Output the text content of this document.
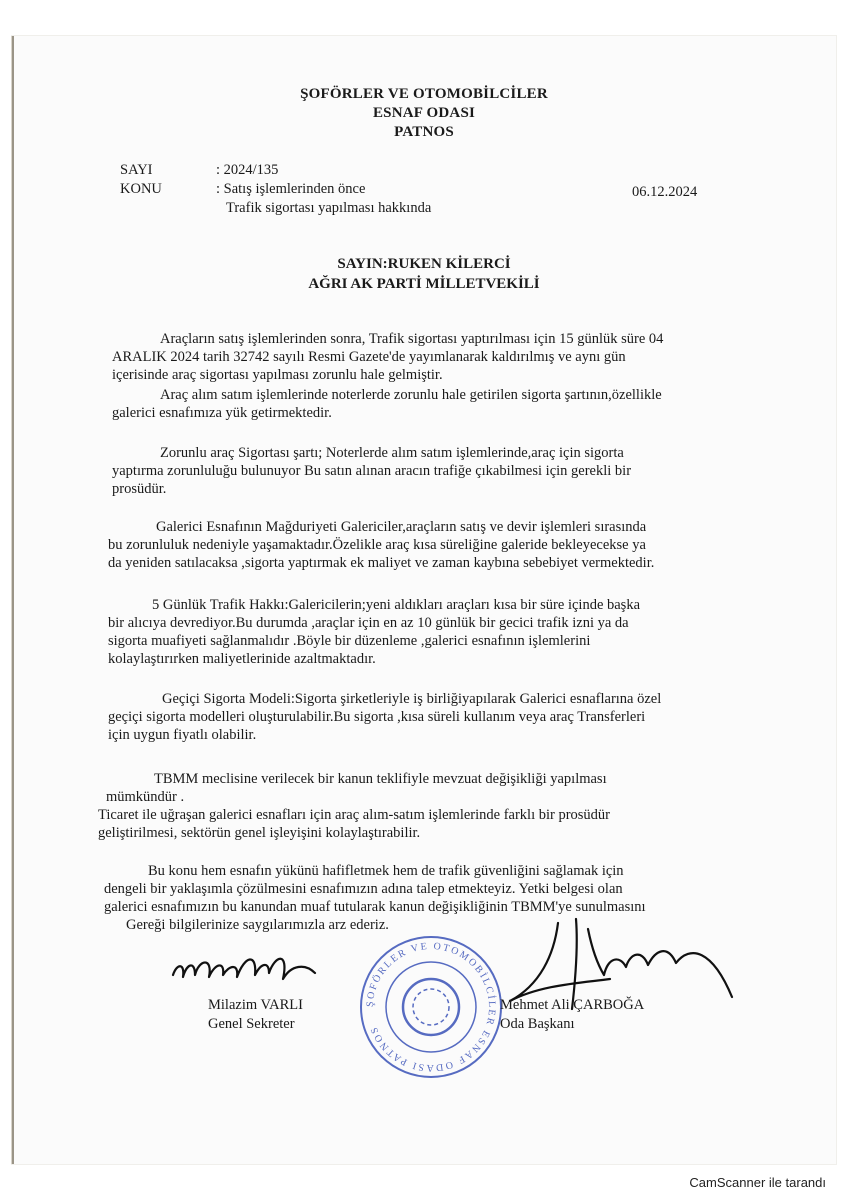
ŞOFÖRLER VE OTOMOBİLCİLER
ESNAF ODASI
PATNOS
SAYI	: 2024/135
KONU	: Satış işlemlerinden önce
Trafik sigortası yapılması hakkında
06.12.2024
SAYIN:RUKEN KİLERCİ
AĞRI AK PARTİ MİLLETVEKİLİ
Araçların satış işlemlerinden sonra, Trafik sigortası yaptırılması için 15 günlük süre 04
ARALIK 2024 tarih 32742 sayılı Resmi Gazete'de yayımlanarak kaldırılmış ve aynı gün
içerisinde araç sigortası yapılması zorunlu hale gelmiştir.
Araç alım satım işlemlerinde noterlerde zorunlu hale getirilen sigorta şartının,özellikle
galerici esnafımıza yük getirmektedir.
Zorunlu araç Sigortası şartı; Noterlerde alım satım işlemlerinde,araç için sigorta
yaptırma zorunluluğu bulunuyor Bu satın alınan aracın trafiğe çıkabilmesi için gerekli bir
prosüdür.
Galerici Esnafının Mağduriyeti Galericiler,araçların satış ve devir işlemleri sırasında
bu zorunluluk nedeniyle yaşamaktadır.Özelikle araç kısa süreliğine galeride bekleyecekse ya
da yeniden satılacaksa ,sigorta yaptırmak ek maliyet ve zaman kaybına sebebiyet vermektedir.
5 Günlük Trafik Hakkı:Galericilerin;yeni aldıkları araçları kısa bir süre içinde başka
bir alıcıya devrediyor.Bu durumda ,araçlar için en az 10 günlük bir gecici trafik izni ya da
sigorta muafiyeti sağlanmalıdır .Böyle bir düzenleme ,galerici esnafının işlemlerini
kolaylaştırırken maliyetlerinide azaltmaktadır.
Geçiçi Sigorta Modeli:Sigorta şirketleriyle iş birliğiyapılarak Galerici esnaflarına özel
geçiçi sigorta modelleri oluşturulabilir.Bu sigorta ,kısa süreli kullanım veya araç Transferleri
için uygun fiyatlı olabilir.
TBMM meclisine verilecek bir kanun teklifiyle mevzuat değişikliği yapılması
mümkündür .
Ticaret ile uğraşan galerici esnafları için araç alım-satım işlemlerinde farklı bir prosüdür
geliştirilmesi, sektörün genel işleyişini kolaylaştırabilir.
Bu konu hem esnafın yükünü hafifletmek hem de trafik güvenliğini sağlamak için
dengeli bir yaklaşımla çözülmesini esnafımızın adına talep etmekteyiz. Yetki belgesi olan
galerici esnafımızın bu kanundan muaf tutularak kanun değişikliğinin TBMM'ye sunulmasını
Gereği bilgilerinize saygılarımızla arz ederiz.
ŞOFÖRLER VE OTOMOBİLCİLER ESNAF ODASI PATNOS
Milazim VARLI
Genel Sekreter
Mehmet Ali ÇARBOĞA
Oda Başkanı
CamScanner ile tarandı
